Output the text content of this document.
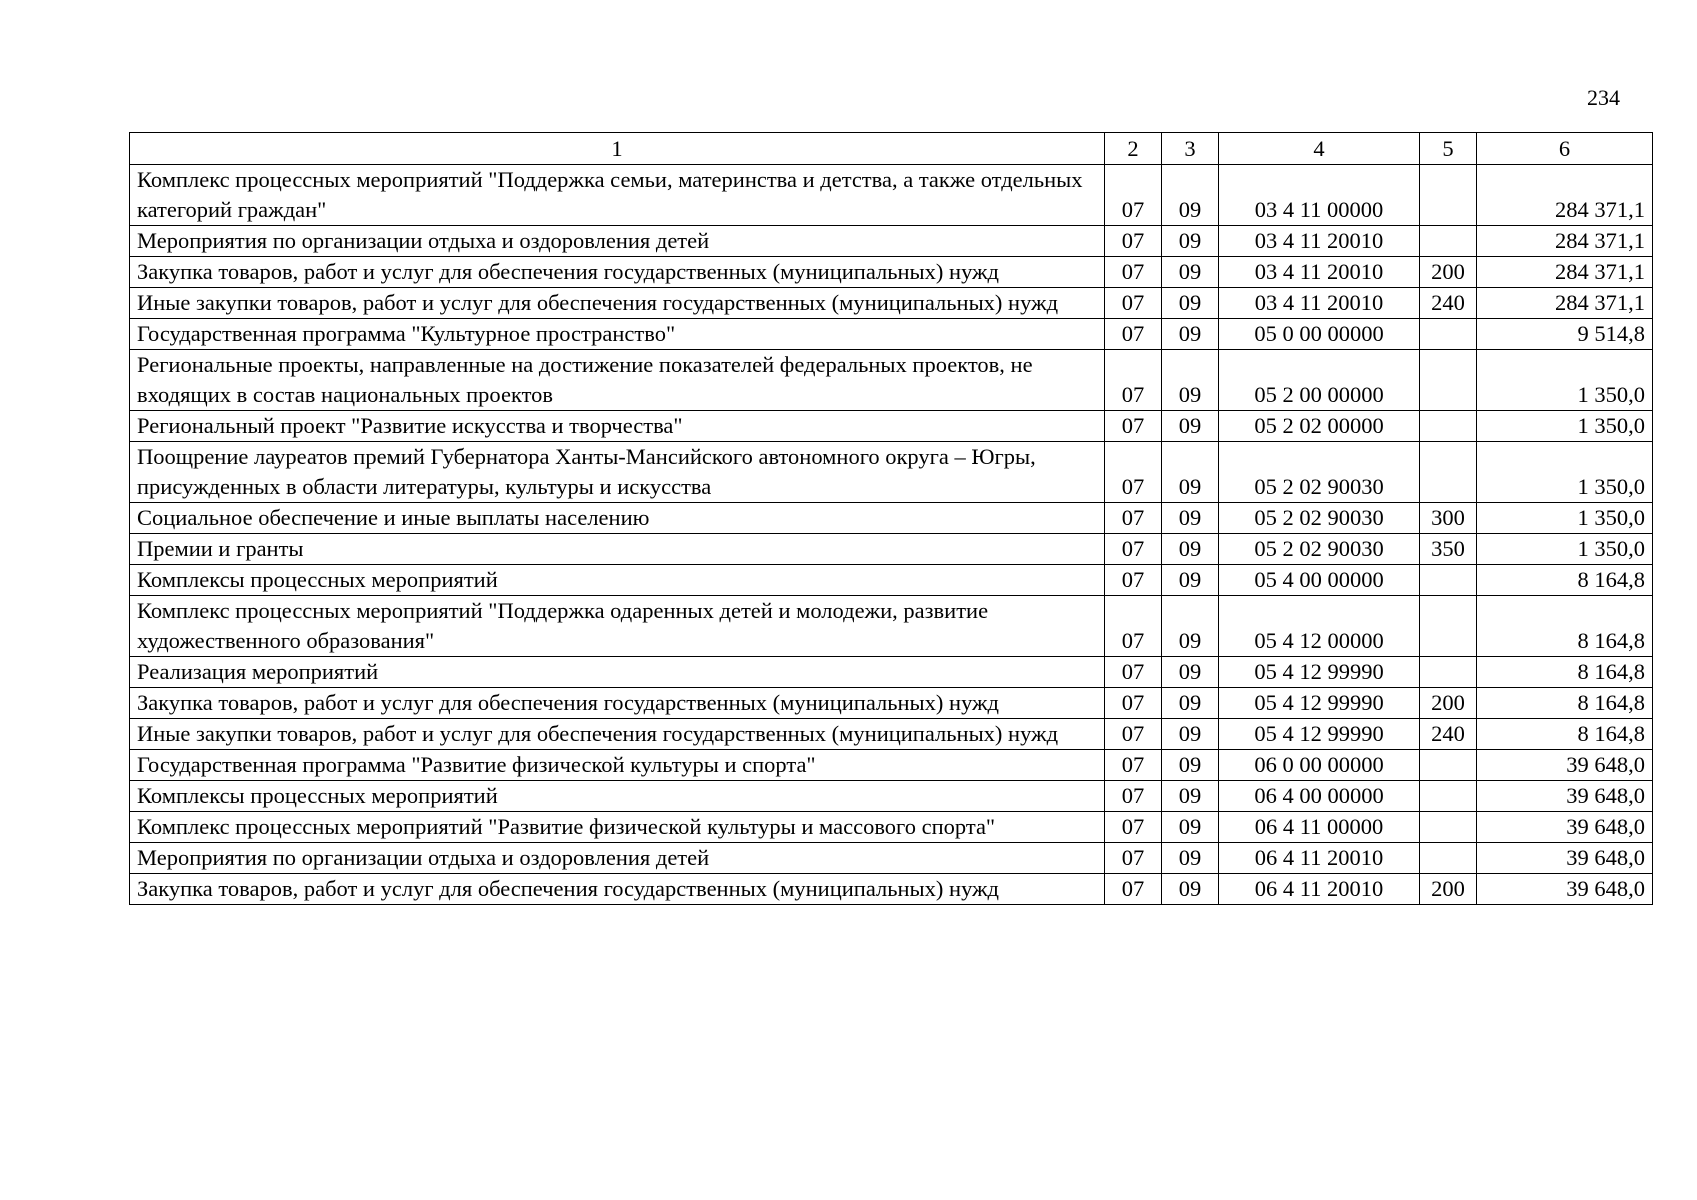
234
1	2	3	4	5	6
Комплекс процессных мероприятий "Поддержка семьи, материнства и детства, а также отдельных категорий граждан"	07	09	03 4 11 00000		284 371,1
Мероприятия по организации отдыха и оздоровления детей	07	09	03 4 11 20010		284 371,1
Закупка товаров, работ и услуг для обеспечения государственных (муниципальных) нужд	07	09	03 4 11 20010	200	284 371,1
Иные закупки товаров, работ и услуг для обеспечения государственных (муниципальных) нужд	07	09	03 4 11 20010	240	284 371,1
Государственная программа "Культурное пространство"	07	09	05 0 00 00000		9 514,8
Региональные проекты, направленные на достижение показателей федеральных проектов, не входящих в состав национальных проектов	07	09	05 2 00 00000		1 350,0
Региональный проект "Развитие искусства и творчества"	07	09	05 2 02 00000		1 350,0
Поощрение лауреатов премий Губернатора Ханты-Мансийского автономного округа – Югры, присужденных в области литературы, культуры и искусства	07	09	05 2 02 90030		1 350,0
Социальное обеспечение и иные выплаты населению	07	09	05 2 02 90030	300	1 350,0
Премии и гранты	07	09	05 2 02 90030	350	1 350,0
Комплексы процессных мероприятий	07	09	05 4 00 00000		8 164,8
Комплекс процессных мероприятий "Поддержка одаренных детей и молодежи, развитие художественного образования"	07	09	05 4 12 00000		8 164,8
Реализация мероприятий	07	09	05 4 12 99990		8 164,8
Закупка товаров, работ и услуг для обеспечения государственных (муниципальных) нужд	07	09	05 4 12 99990	200	8 164,8
Иные закупки товаров, работ и услуг для обеспечения государственных (муниципальных) нужд	07	09	05 4 12 99990	240	8 164,8
Государственная программа "Развитие физической культуры и спорта"	07	09	06 0 00 00000		39 648,0
Комплексы процессных мероприятий	07	09	06 4 00 00000		39 648,0
Комплекс процессных мероприятий "Развитие физической культуры и массового спорта"	07	09	06 4 11 00000		39 648,0
Мероприятия по организации отдыха и оздоровления детей	07	09	06 4 11 20010		39 648,0
Закупка товаров, работ и услуг для обеспечения государственных (муниципальных) нужд	07	09	06 4 11 20010	200	39 648,0
